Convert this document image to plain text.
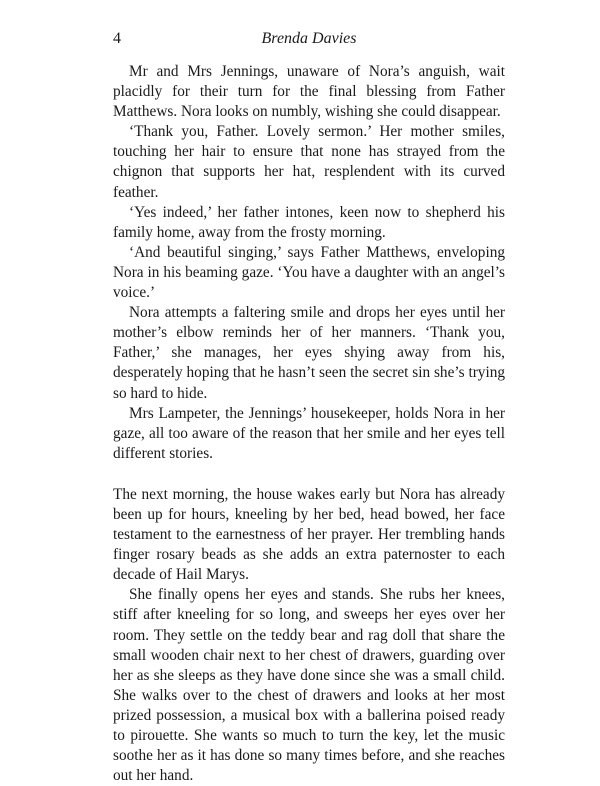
4	Brenda Davies

Mr and Mrs Jennings, unaware of Nora’s anguish, wait placidly for their turn for the final blessing from Father Matthews. Nora looks on numbly, wishing she could disappear.

‘Thank you, Father. Lovely sermon.’ Her mother smiles, touching her hair to ensure that none has strayed from the chignon that supports her hat, resplendent with its curved feather.

‘Yes indeed,’ her father intones, keen now to shepherd his family home, away from the frosty morning.

‘And beautiful singing,’ says Father Matthews, enveloping Nora in his beaming gaze. ‘You have a daughter with an angel’s voice.’

Nora attempts a faltering smile and drops her eyes until her mother’s elbow reminds her of her manners. ‘Thank you, Father,’ she manages, her eyes shying away from his, desperately hoping that he hasn’t seen the secret sin she’s trying so hard to hide.

Mrs Lampeter, the Jennings’ housekeeper, holds Nora in her gaze, all too aware of the reason that her smile and her eyes tell different stories.

The next morning, the house wakes early but Nora has already been up for hours, kneeling by her bed, head bowed, her face testament to the earnestness of her prayer. Her trembling hands finger rosary beads as she adds an extra paternoster to each decade of Hail Marys.

She finally opens her eyes and stands. She rubs her knees, stiff after kneeling for so long, and sweeps her eyes over her room. They settle on the teddy bear and rag doll that share the small wooden chair next to her chest of drawers, guarding over her as she sleeps as they have done since she was a small child. She walks over to the chest of drawers and looks at her most prized possession, a musical box with a ballerina poised ready to pirouette. She wants so much to turn the key, let the music soothe her as it has done so many times before, and she reaches out her hand.
